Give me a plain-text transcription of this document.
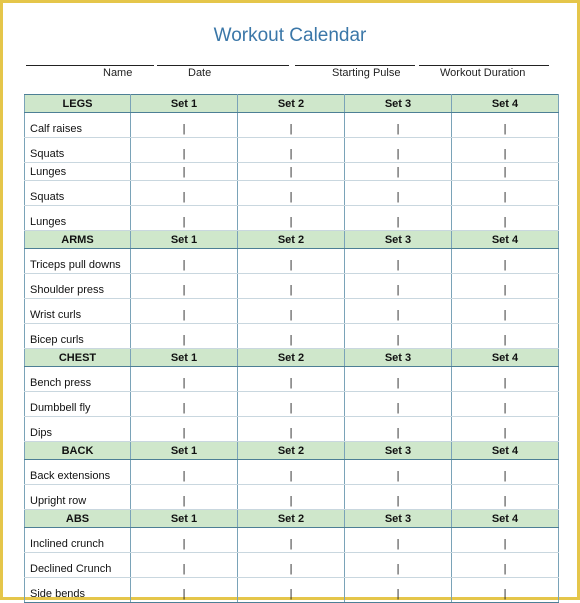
Workout Calendar
Name	Date	Starting Pulse	Workout Duration
LEGS	Set 1	Set 2	Set 3	Set 4
Calf raises	|	|	|	|
Squats	|	|	|	|
Lunges	|	|	|	|
Squats	|	|	|	|
Lunges	|	|	|	|
ARMS	Set 1	Set 2	Set 3	Set 4
Triceps pull downs	|	|	|	|
Shoulder press	|	|	|	|
Wrist curls	|	|	|	|
Bicep curls	|	|	|	|
CHEST	Set 1	Set 2	Set 3	Set 4
Bench press	|	|	|	|
Dumbbell fly	|	|	|	|
Dips	|	|	|	|
BACK	Set 1	Set 2	Set 3	Set 4
Back extensions	|	|	|	|
Upright row	|	|	|	|
ABS	Set 1	Set 2	Set 3	Set 4
Inclined crunch	|	|	|	|
Declined Crunch	|	|	|	|
Side bends	|	|	|	|
